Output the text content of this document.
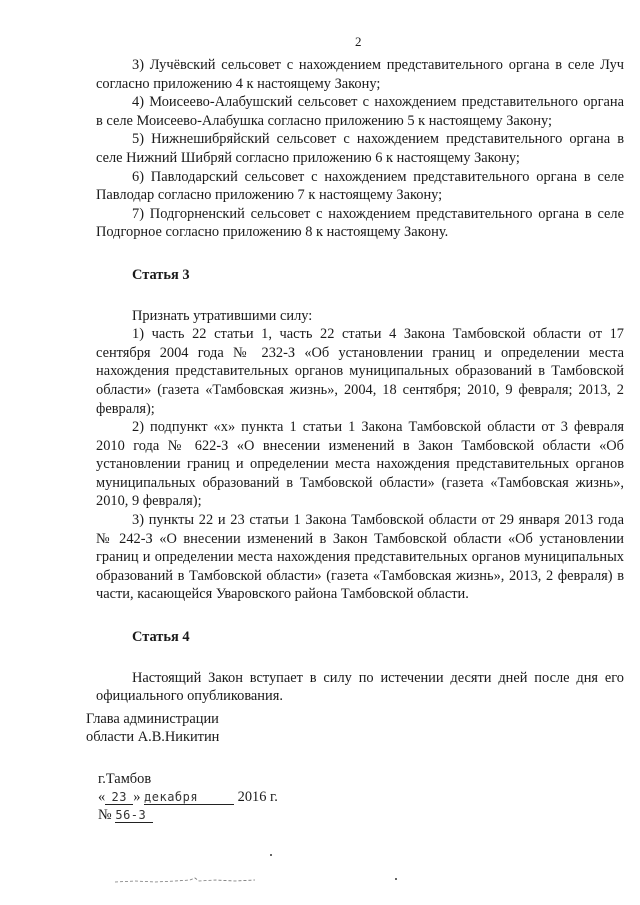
2

3) Лучёвский сельсовет с нахождением представительного органа в селе Луч согласно приложению 4 к настоящему Закону;

4) Моисеево-Алабушский сельсовет с нахождением представительного органа в селе Моисеево-Алабушка согласно приложению 5 к настоящему Закону;

5) Нижнешибряйский сельсовет с нахождением представительного органа в селе Нижний Шибряй согласно приложению 6 к настоящему Закону;

6) Павлодарский сельсовет с нахождением представительного органа в селе Павлодар согласно приложению 7 к настоящему Закону;

7) Подгорненский сельсовет с нахождением представительного органа в селе Подгорное согласно приложению 8 к настоящему Закону.

Статья 3

Признать утратившими силу:

1) часть 22 статьи 1, часть 22 статьи 4 Закона Тамбовской области от 17 сентября 2004 года № 232-З «Об установлении границ и определении места нахождения представительных органов муниципальных образований в Тамбовской области» (газета «Тамбовская жизнь», 2004, 18 сентября; 2010, 9 февраля; 2013, 2 февраля);

2) подпункт «х» пункта 1 статьи 1 Закона Тамбовской области от 3 февраля 2010 года № 622-З «О внесении изменений в Закон Тамбовской области «Об установлении границ и определении места нахождения представительных органов муниципальных образований в Тамбовской области» (газета «Тамбовская жизнь», 2010, 9 февраля);

3) пункты 22 и 23 статьи 1 Закона Тамбовской области от 29 января 2013 года № 242-З «О внесении изменений в Закон Тамбовской области «Об установлении границ и определении места нахождения представительных органов муниципальных образований в Тамбовской области» (газета «Тамбовская жизнь», 2013, 2 февраля) в части, касающейся Уваровского района Тамбовской области.

Статья 4

Настоящий Закон вступает в силу по истечении десяти дней после дня его официального опубликования.

Глава администрации
области А.В.Никитин
г.Тамбов
« 23 » декабря	2016 г.
№ 56-З
